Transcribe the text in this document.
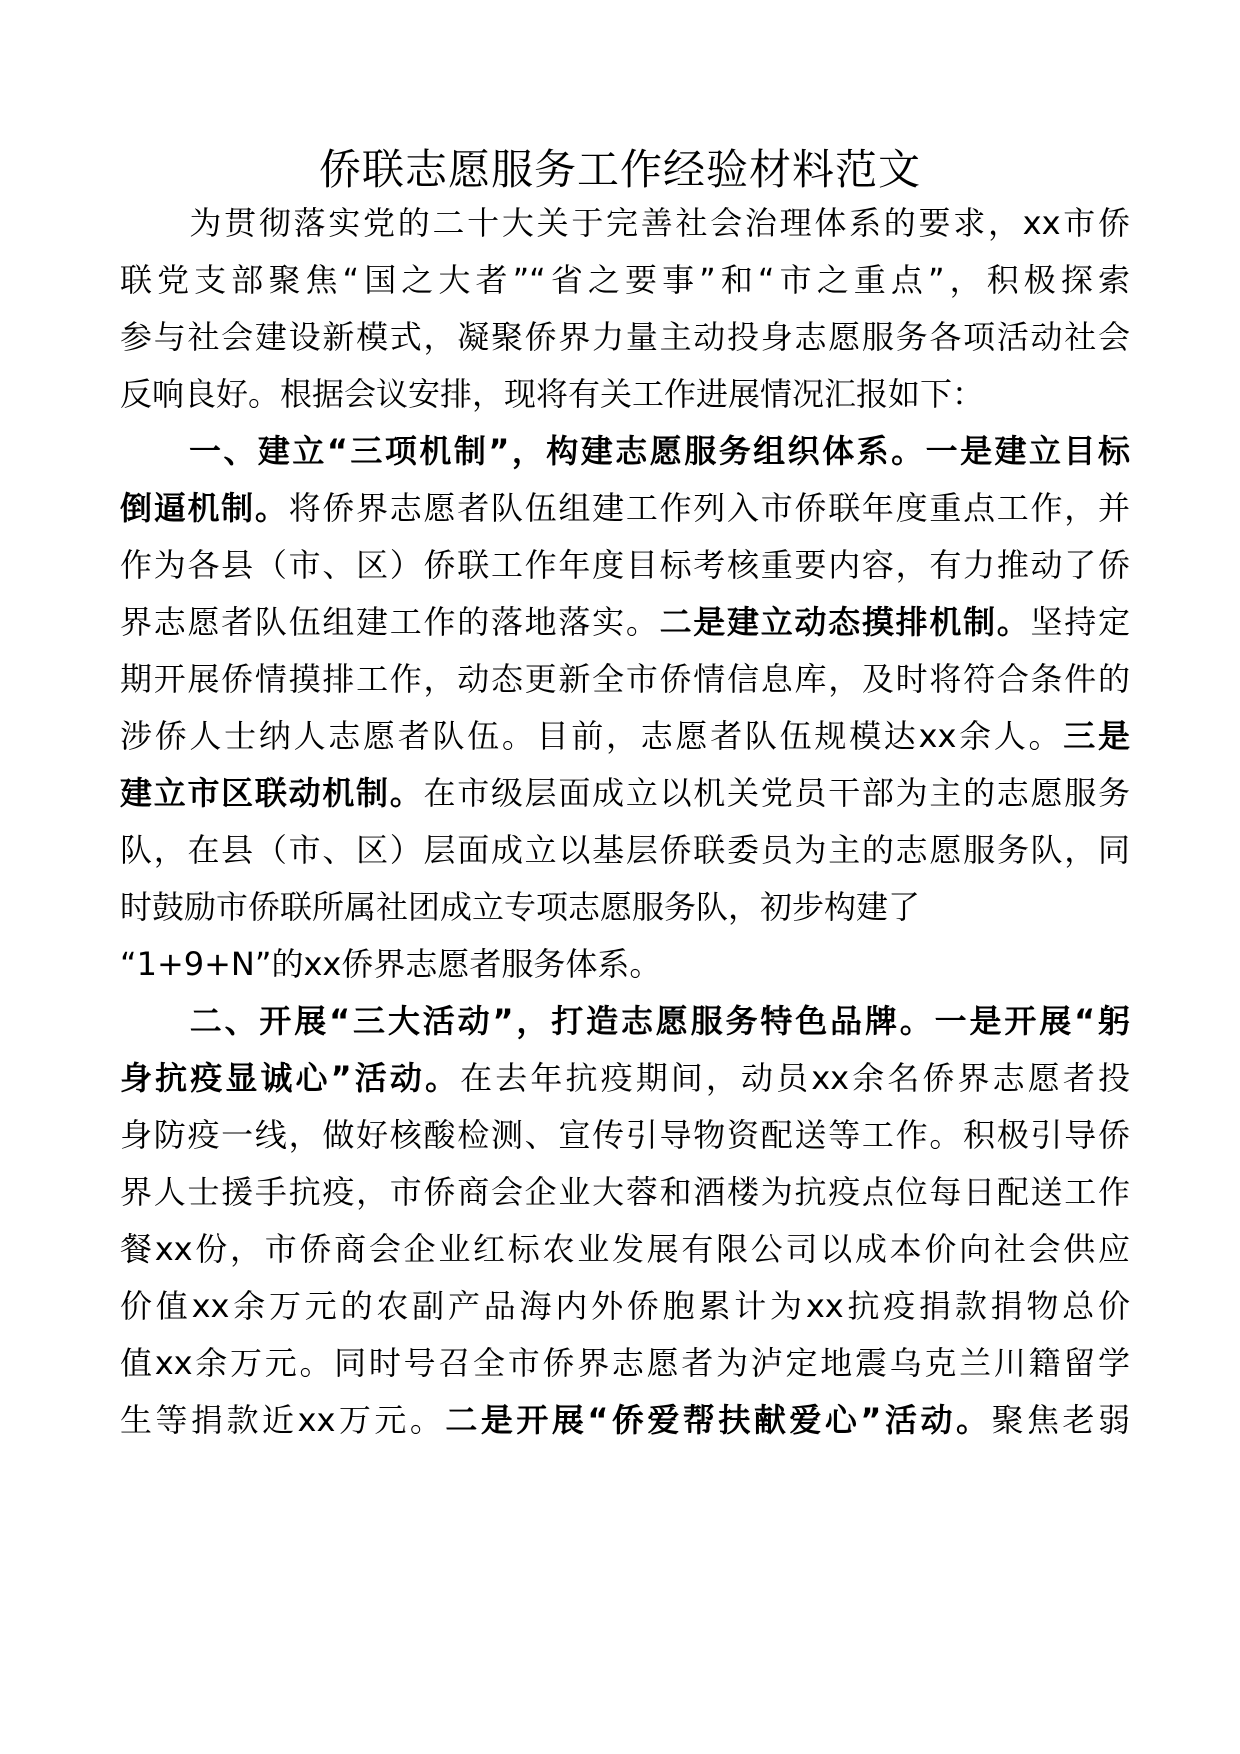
侨联志愿服务工作经验材料范文
　　为贯彻落实党的二十大关于完善社会治理体系的要求，xx市侨
联党支部聚焦“国之大者”“省之要事”和“市之重点”，积极探索
参与社会建设新模式，凝聚侨界力量主动投身志愿服务各项活动社会
反响良好。根据会议安排，现将有关工作进展情况汇报如下：
　　一、建立“三项机制”，构建志愿服务组织体系。一是建立目标
倒逼机制。将侨界志愿者队伍组建工作列入市侨联年度重点工作，并
作为各县（市、区）侨联工作年度目标考核重要内容，有力推动了侨
界志愿者队伍组建工作的落地落实。二是建立动态摸排机制。坚持定
期开展侨情摸排工作，动态更新全市侨情信息库，及时将符合条件的
涉侨人士纳人志愿者队伍。目前，志愿者队伍规模达xx余人。三是
建立市区联动机制。在市级层面成立以机关党员干部为主的志愿服务
队，在县（市、区）层面成立以基层侨联委员为主的志愿服务队，同
时鼓励市侨联所属社团成立专项志愿服务队，初步构建了
“1+9+N”的xx侨界志愿者服务体系。
　　二、开展“三大活动”，打造志愿服务特色品牌。一是开展“躬
身抗疫显诚心”活动。在去年抗疫期间，动员xx余名侨界志愿者投
身防疫一线，做好核酸检测、宣传引导物资配送等工作。积极引导侨
界人士援手抗疫，市侨商会企业大蓉和酒楼为抗疫点位每日配送工作
餐xx份，市侨商会企业红标农业发展有限公司以成本价向社会供应
价值xx余万元的农副产品海内外侨胞累计为xx抗疫捐款捐物总价
值xx余万元。同时号召全市侨界志愿者为泸定地震乌克兰川籍留学
生等捐款近xx万元。二是开展“侨爱帮扶献爱心”活动。聚焦老弱
